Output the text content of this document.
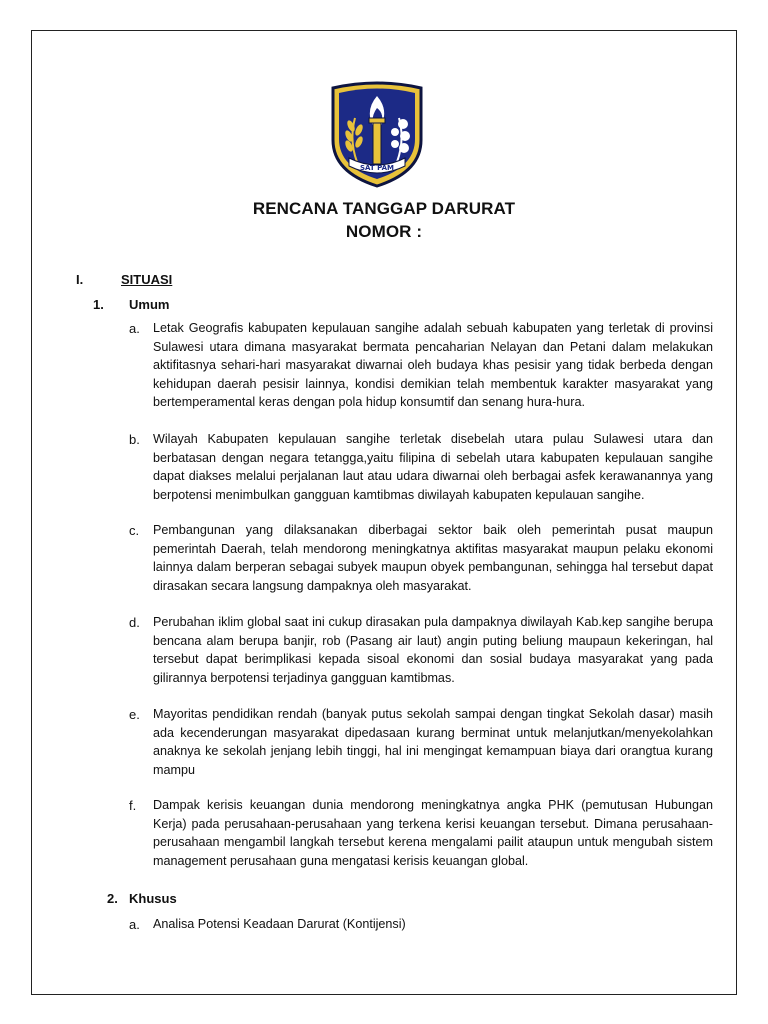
SAT PAM
RENCANA TANGGAP DARURAT
NOMOR :
I.	SITUASI
1. Umum
a. Letak Geografis kabupaten kepulauan sangihe adalah sebuah kabupaten yang terletak di provinsi Sulawesi utara dimana masyarakat bermata pencaharian Nelayan dan Petani dalam melakukan aktifitasnya sehari-hari masyarakat diwarnai oleh budaya khas pesisir yang tidak berbeda dengan kehidupan daerah pesisir lainnya, kondisi demikian telah membentuk karakter masyarakat yang bertemperamental keras dengan pola hidup konsumtif dan senang hura-hura.
b. Wilayah Kabupaten kepulauan sangihe terletak disebelah utara pulau Sulawesi utara dan berbatasan dengan negara tetangga,yaitu filipina di sebelah utara kabupaten kepulauan sangihe dapat diakses melalui perjalanan laut atau udara diwarnai oleh berbagai asfek kerawanannya yang berpotensi menimbulkan gangguan kamtibmas diwilayah kabupaten kepulauan sangihe.
c. Pembangunan yang dilaksanakan diberbagai sektor baik oleh pemerintah pusat maupun pemerintah Daerah, telah mendorong meningkatnya aktifitas masyarakat maupun pelaku ekonomi lainnya dalam berperan sebagai subyek maupun obyek pembangunan, sehingga hal tersebut dapat dirasakan secara langsung dampaknya oleh masyarakat.
d. Perubahan iklim global saat ini cukup dirasakan pula dampaknya diwilayah Kab.kep sangihe berupa bencana alam berupa banjir, rob (Pasang air laut) angin puting beliung maupaun kekeringan, hal tersebut dapat berimplikasi kepada sisoal ekonomi dan sosial budaya masyarakat yang pada gilirannya berpotensi terjadinya gangguan kamtibmas.
e. Mayoritas pendidikan rendah (banyak putus sekolah sampai dengan tingkat Sekolah dasar) masih ada kecenderungan masyarakat dipedasaan kurang berminat untuk melanjutkan/menyekolahkan anaknya ke sekolah jenjang lebih tinggi, hal ini mengingat kemampuan biaya dari orangtua kurang mampu
f. Dampak kerisis keuangan dunia mendorong meningkatnya angka PHK (pemutusan Hubungan Kerja) pada perusahaan-perusahaan yang terkena kerisi keuangan tersebut. Dimana perusahaan-perusahaan mengambil langkah tersebut kerena mengalami pailit ataupun untuk mengubah sistem management perusahaan guna mengatasi kerisis keuangan global.
2. Khusus
a. Analisa Potensi Keadaan Darurat (Kontijensi)
